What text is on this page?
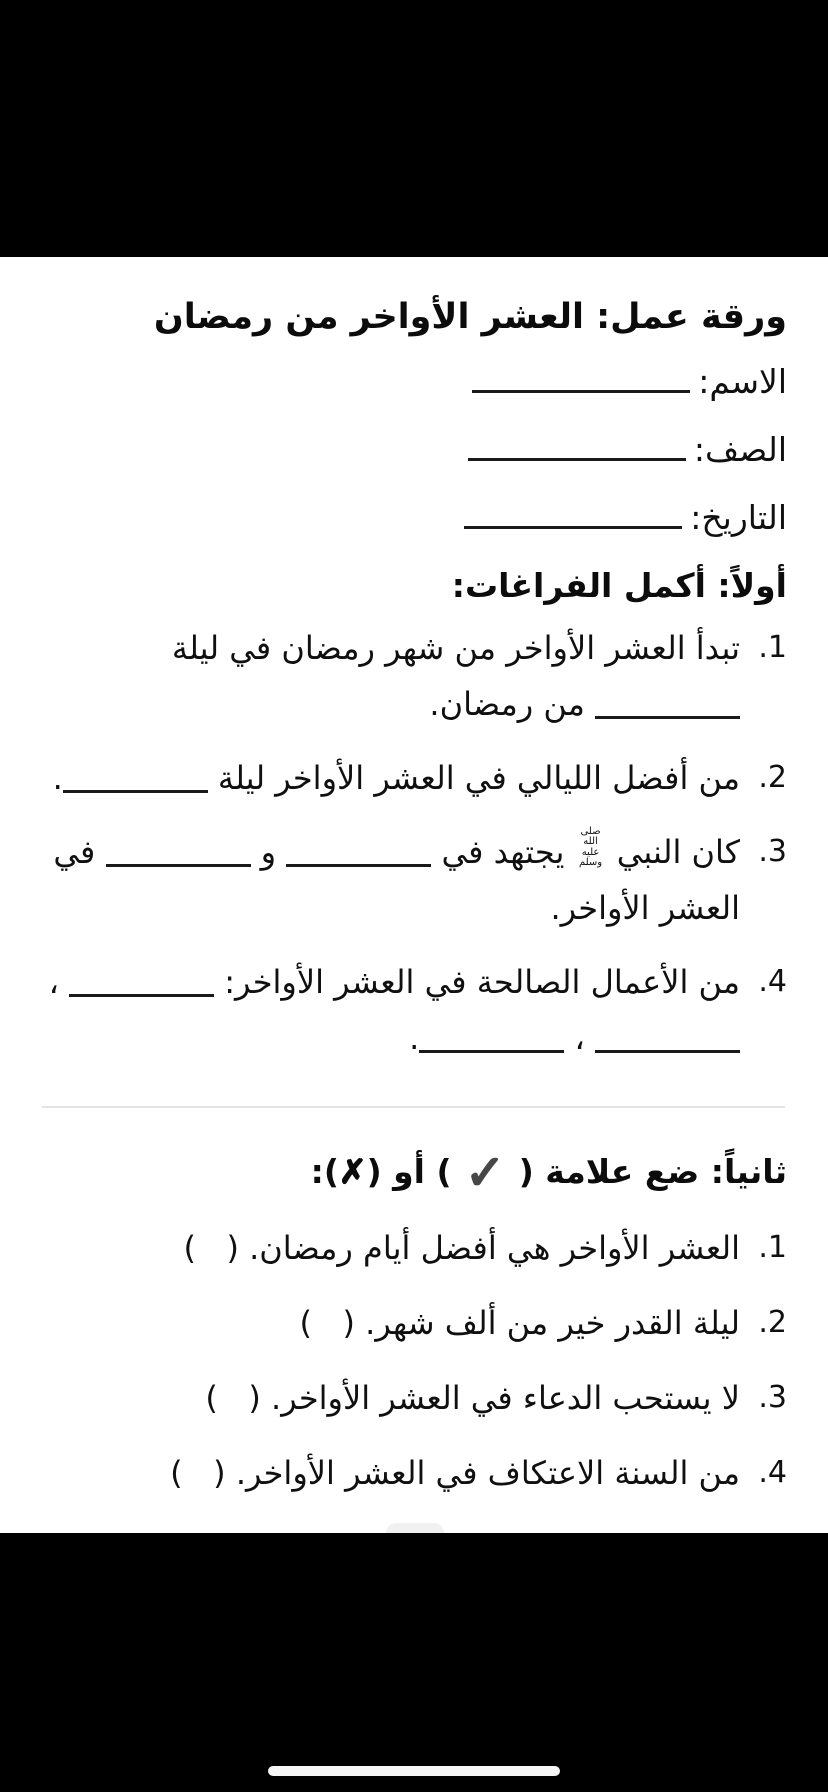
ورقة عمل: العشر الأواخر من رمضان
الاسم:
الصف:
التاريخ:
أولاً: أكمل الفراغات:
1.
تبدأ العشر الأواخر من شهر رمضان في ليلة  من رمضان.
2.
من أفضل الليالي في العشر الأواخر ليلة .
3.
كان النبي صلى الله عليه وسلم يجتهد في  و  في العشر الأواخر.
4.
من الأعمال الصالحة في العشر الأواخر:  ،  ، .
ثانياً: ضع علامة ( ✓ ) أو (✗):
1.
العشر الأواخر هي أفضل أيام رمضان. (   )
2.
ليلة القدر خير من ألف شهر. (   )
3.
لا يستحب الدعاء في العشر الأواخر. (   )
4.
من السنة الاعتكاف في العشر الأواخر. (   )
